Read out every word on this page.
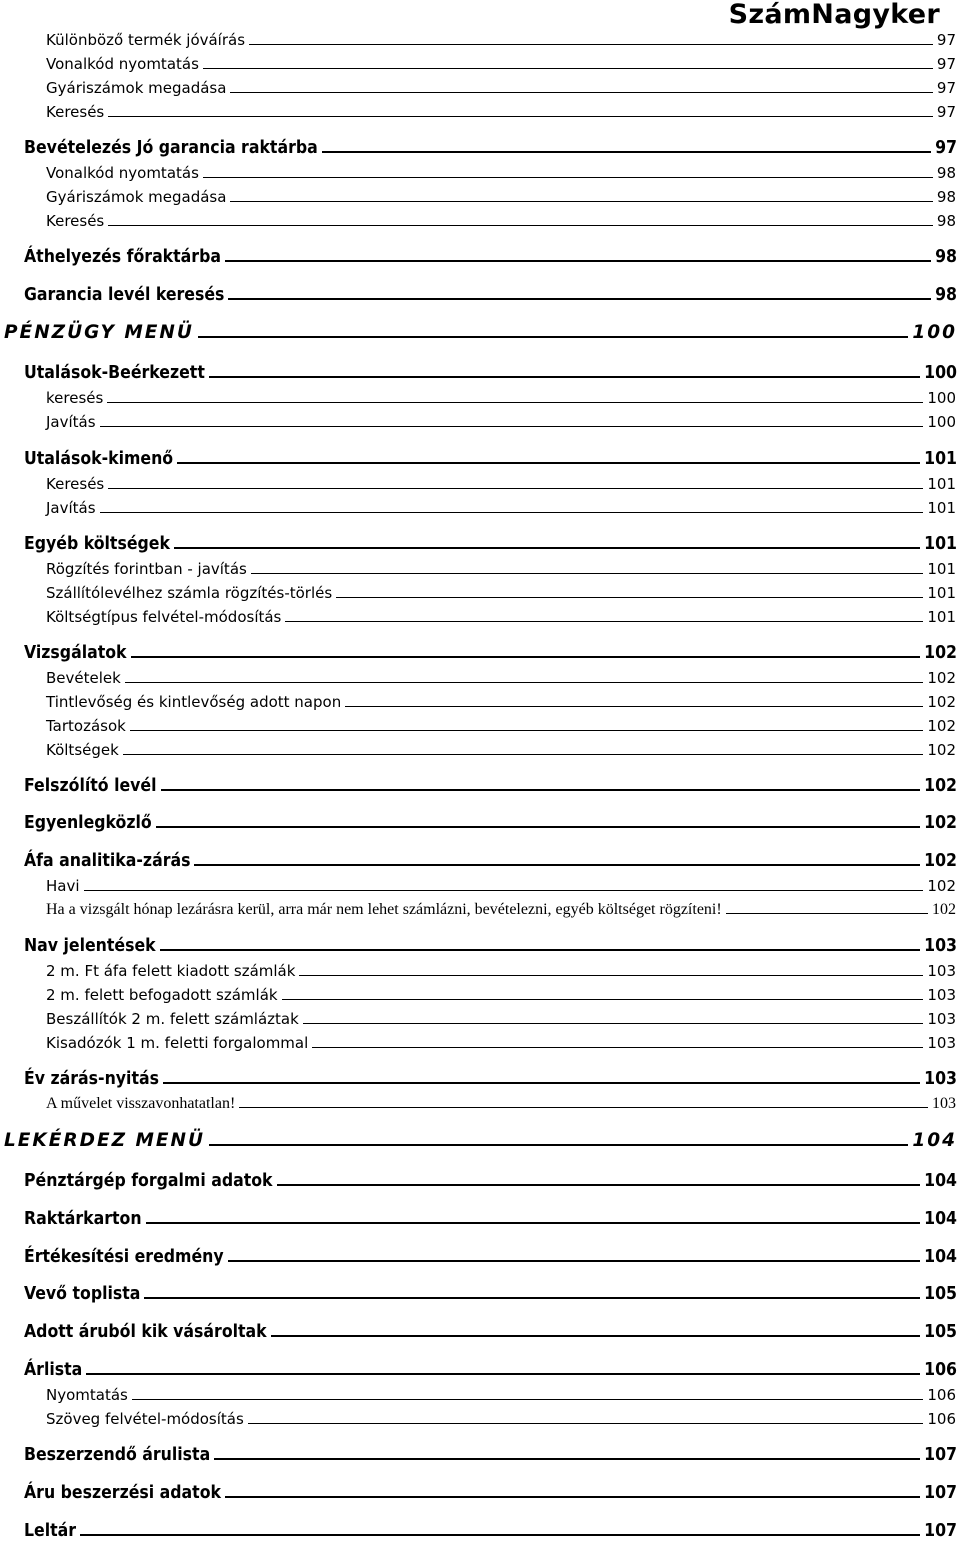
SzámNagyker
Különböző termék jóváírás	97
Vonalkód nyomtatás	97
Gyáriszámok megadása	97
Keresés	97
Bevételezés Jó garancia raktárba	97
Vonalkód nyomtatás	98
Gyáriszámok megadása	98
Keresés	98
Áthelyezés főraktárba	98
Garancia levél keresés	98
PÉNZÜGY MENÜ	100
Utalások-Beérkezett	100
keresés	100
Javítás	100
Utalások-kimenő	101
Keresés	101
Javítás	101
Egyéb költségek	101
Rögzítés forintban - javítás	101
Szállítólevélhez számla rögzítés-törlés	101
Költségtípus felvétel-módosítás	101
Vizsgálatok	102
Bevételek	102
Tintlevőség és kintlevőség adott napon	102
Tartozások	102
Költségek	102
Felszólító levél	102
Egyenlegközlő	102
Áfa analitika-zárás	102
Havi	102
Ha a vizsgált hónap lezárásra kerül, arra már nem lehet számlázni, bevételezni, egyéb költséget rögzíteni!	102
Nav jelentések	103
2 m. Ft áfa felett kiadott számlák	103
2 m. felett befogadott számlák	103
Beszállítók 2 m. felett számláztak	103
Kisadózók 1 m. feletti forgalommal	103
Év zárás-nyitás	103
A művelet visszavonhatatlan!	103
LEKÉRDEZ MENÜ	104
Pénztárgép forgalmi adatok	104
Raktárkarton	104
Értékesítési eredmény	104
Vevő toplista	105
Adott áruból kik vásároltak	105
Árlista	106
Nyomtatás	106
Szöveg felvétel-módosítás	106
Beszerzendő árulista	107
Áru beszerzési adatok	107
Leltár	107
